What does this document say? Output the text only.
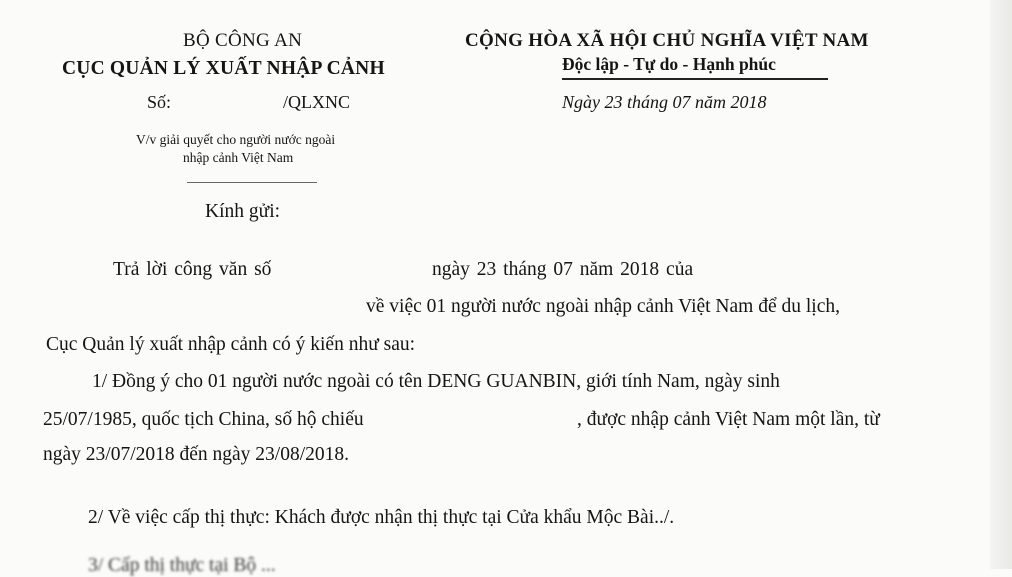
BỘ CÔNG AN
CỤC QUẢN LÝ XUẤT NHẬP CẢNH
Số:	/QLXNC
V/v giải quyết cho người nước ngoài
nhập cảnh Việt Nam
CỘNG HÒA XÃ HỘI CHỦ NGHĨA VIỆT NAM
Độc lập - Tự do - Hạnh phúc
Ngày 23 tháng 07 năm 2018
Kính gửi:
Trả lời công văn số	ngày 23 tháng 07 năm 2018 của
về việc 01 người nước ngoài nhập cảnh Việt Nam để du lịch,
Cục Quản lý xuất nhập cảnh có ý kiến như sau:
1/ Đồng ý cho 01 người nước ngoài có tên DENG GUANBIN, giới tính Nam, ngày sinh
25/07/1985, quốc tịch China, số hộ chiếu	, được nhập cảnh Việt Nam một lần, từ
ngày 23/07/2018 đến ngày 23/08/2018.
2/ Về việc cấp thị thực: Khách được nhận thị thực tại Cửa khẩu Mộc Bài../.
3/ Cấp thị thực tại Bộ ...
